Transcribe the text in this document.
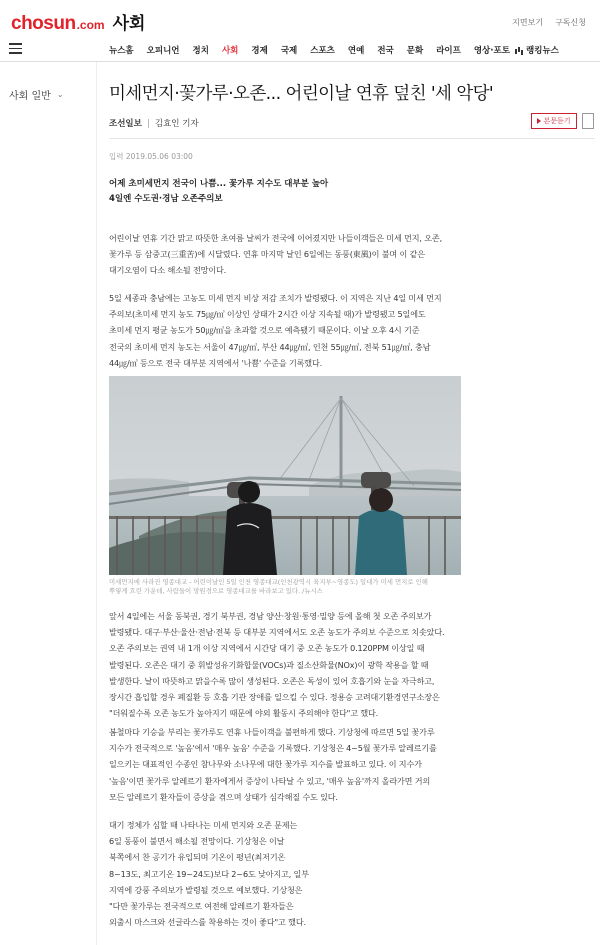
chosun .com 사회	지면보기 구독신청
뉴스홈 오피니언 정치 사회 경제 국제 스포츠 연예 전국 문화 라이프 영상·포토 랭킹뉴스
사회 일반 ⌄	미세먼지·꽃가루·오존... 어린이날 연휴 덮친 '세 악당'
조선일보 김효인 기자	본문듣기
입력 2019.05.06 03:00
어제 초미세먼지 전국이 나쁨... 꽃가루 지수도 대부분 높아
4일엔 수도권·경남 오존주의보
어린이날 연휴 기간 맑고 따뜻한 초여름 날씨가 전국에 이어졌지만 나들이객들은 미세 먼지, 오존,
꽃가루 등 삼중고(三重苦)에 시달렸다. 연휴 마지막 날인 6일에는 동풍(東風)이 불며 이 같은
대기오염이 다소 해소될 전망이다.
5일 세종과 충남에는 고농도 미세 먼지 비상 저감 조치가 발령됐다. 이 지역은 지난 4일 미세 먼지
주의보(초미세 먼지 농도 75㎍/㎥ 이상인 상태가 2시간 이상 지속될 때)가 발령됐고 5일에도
초미세 먼지 평균 농도가 50㎍/㎥을 초과할 것으로 예측됐기 때문이다. 이날 오후 4시 기준
전국의 초미세 먼지 농도는 서울이 47㎍/㎥, 부산 44㎍/㎥, 인천 55㎍/㎥, 전북 51㎍/㎥, 충남
44㎍/㎥ 등으로 전국 대부분 지역에서 '나쁨' 수준을 기록했다.
미세먼지에 사라진 영종대교 - 어린이날인 5일 인천 영종대교(인천광역시 육지부~영종도) 일대가 미세 먼지로 인해
뿌옇게 흐린 가운데, 사람들이 망원경으로 영종대교를 바라보고 있다. /뉴시스
앞서 4일에는 서울 동북권, 경기 북부권, 경남 양산·창원·통영·밀양 등에 올해 첫 오존 주의보가
발령됐다. 대구·부산·울산·전남·전북 등 대부분 지역에서도 오존 농도가 주의보 수준으로 치솟았다.
오존 주의보는 권역 내 1개 이상 지역에서 시간당 대기 중 오존 농도가 0.120PPM 이상일 때
발령된다. 오존은 대기 중 휘발성유기화합물(VOCs)과 질소산화물(NOx)이 광학 작용을 할 때
발생한다. 날이 따뜻하고 맑을수록 많이 생성된다. 오존은 독성이 있어 호흡기와 눈을 자극하고,
장시간 흡입할 경우 폐질환 등 호흡 기관 장애를 일으킬 수 있다. 정용승 고려대기환경연구소장은
"더워질수록 오존 농도가 높아지기 때문에 야외 활동시 주의해야 한다"고 했다.
봄철마다 기승을 부리는 꽃가루도 연휴 나들이객을 불편하게 했다. 기상청에 따르면 5일 꽃가루
지수가 전국적으로 '높음'에서 '매우 높음' 수준을 기록했다. 기상청은 4~5월 꽃가루 알레르기를
일으키는 대표적인 수종인 참나무와 소나무에 대한 꽃가루 지수를 발표하고 있다. 이 지수가
'높음'이면 꽃가루 알레르기 환자에게서 증상이 나타날 수 있고, '매우 높음'까지 올라가면 거의
모든 알레르기 환자들이 증상을 겪으며 상태가 심각해질 수도 있다.
대기 정체가 심할 때 나타나는 미세 먼지와 오존 문제는
6일 동풍이 불면서 해소될 전망이다. 기상청은 이날
북쪽에서 찬 공기가 유입되며 기온이 평년(최저기온
8~13도, 최고기온 19~24도)보다 2~6도 낮아지고, 일부
지역에 강풍 주의보가 발령될 것으로 예보했다. 기상청은
"다만 꽃가루는 전국적으로 여전해 알레르기 환자들은
외출시 마스크와 선글라스를 착용하는 것이 좋다"고 했다.
